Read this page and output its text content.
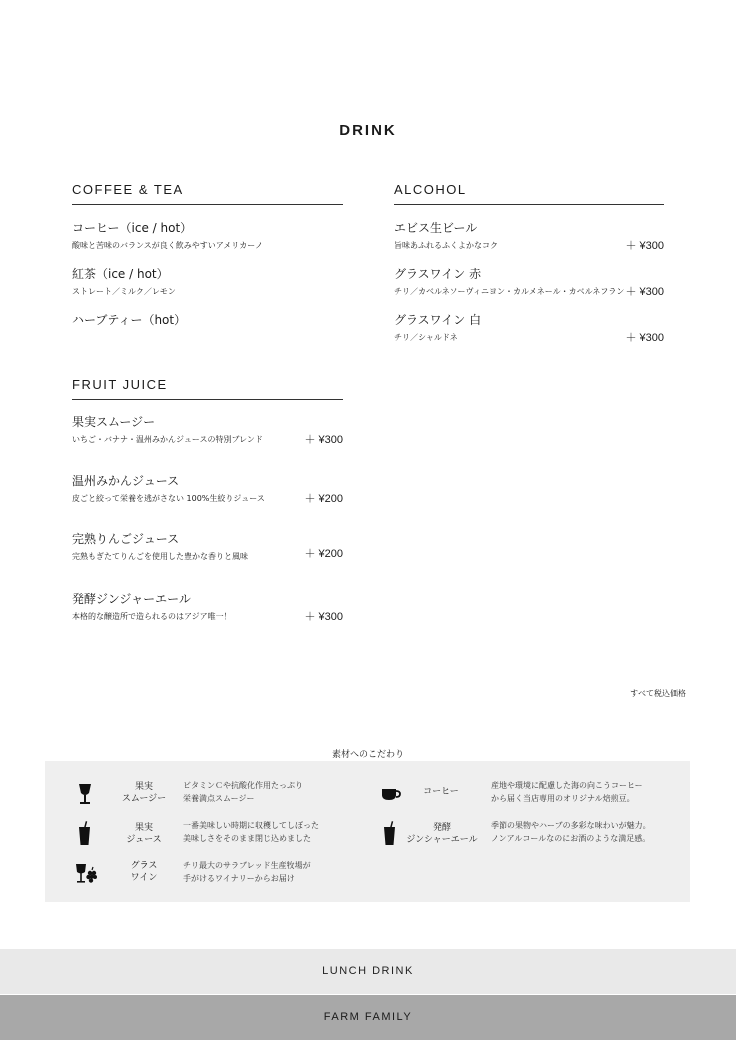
DRINK
COFFEE & TEA
コーヒー（ice / hot）
酸味と苦味のバランスが良く飲みやすいアメリカーノ
紅茶（ice / hot）
ストレート／ミルク／レモン
ハーブティー（hot）
FRUIT JUICE
果実スムージー
いちご・バナナ・温州みかんジュースの特別ブレンド	＋ ¥300
温州みかんジュース
皮ごと絞って栄養を逃がさない 100%生絞りジュース	＋ ¥200
完熟りんごジュース
完熟もぎたてりんごを使用した豊かな香りと風味	＋ ¥200
発酵ジンジャーエール
本格的な醸造所で造られるのはアジア唯一！	＋ ¥300
ALCOHOL
エビス生ビール
旨味あふれるふくよかなコク	＋ ¥300
グラスワイン 赤
チリ／カベルネソーヴィニヨン・カルメネール・カベルネフラン ＋ ¥300
グラスワイン 白
チリ／シャルドネ	＋ ¥300
すべて税込価格
素材へのこだわり
果実
スムージー
ビタミンＣや抗酸化作用たっぷり
栄養満点スムージー
果実
ジュース
一番美味しい時期に収穫してしぼった
美味しさをそのまま閉じ込めました
グラス
ワイン
チリ最大のサラブレッド生産牧場が
手がけるワイナリーからお届け
コーヒー
産地や環境に配慮した海の向こうコーヒー
から届く当店専用のオリジナル焙煎豆。
発酵
ジンシャーエール
季節の果物やハーブの多彩な味わいが魅力。
ノンアルコールなのにお酒のような満足感。
LUNCH DRINK
FARM FAMILY
